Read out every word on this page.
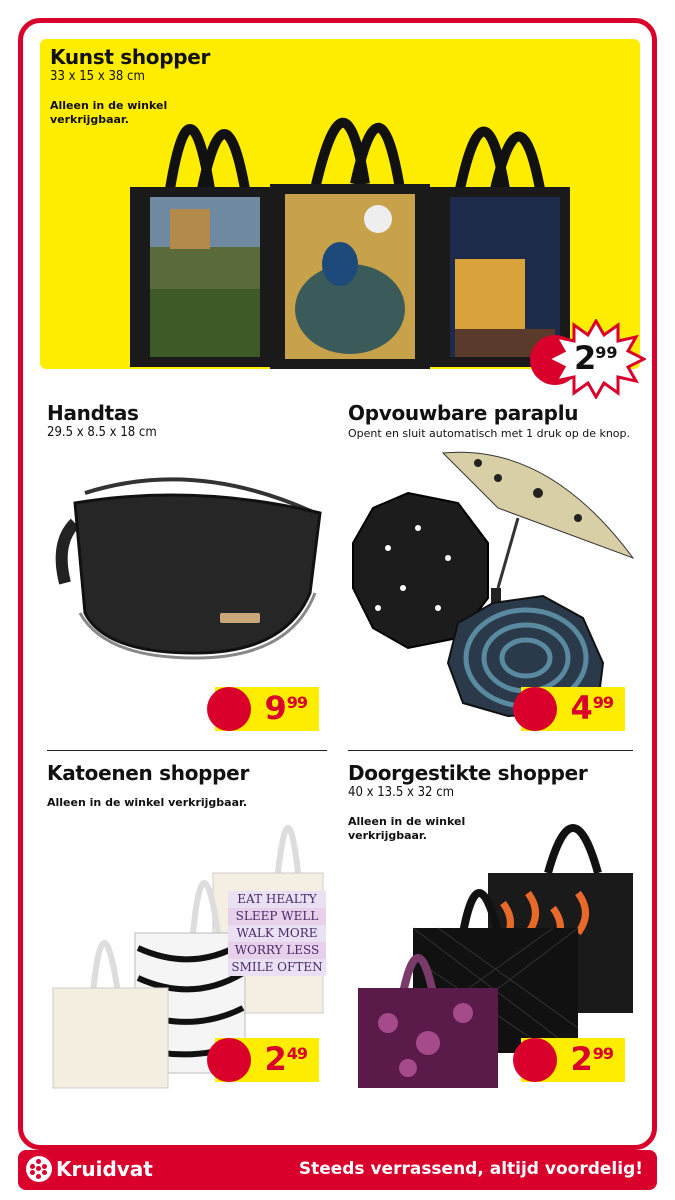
Kunst shopper
33 x 15 x 38 cm
Alleen in de winkel
verkrijgbaar.
2 99
Handtas
29.5 x 8.5 x 18 cm
9 99
Opvouwbare paraplu
Opent en sluit automatisch met 1 druk op de knop.
4 99
Katoenen shopper
Alleen in de winkel verkrijgbaar.
EAT HEALTY
SLEEP WELL
WALK MORE
WORRY LESS
SMILE OFTEN
2 49
Doorgestikte shopper
40 x 13.5 x 32 cm
Alleen in de winkel
verkrijgbaar.
2 99
Kruidvat	Steeds verrassend, altijd voordelig!
